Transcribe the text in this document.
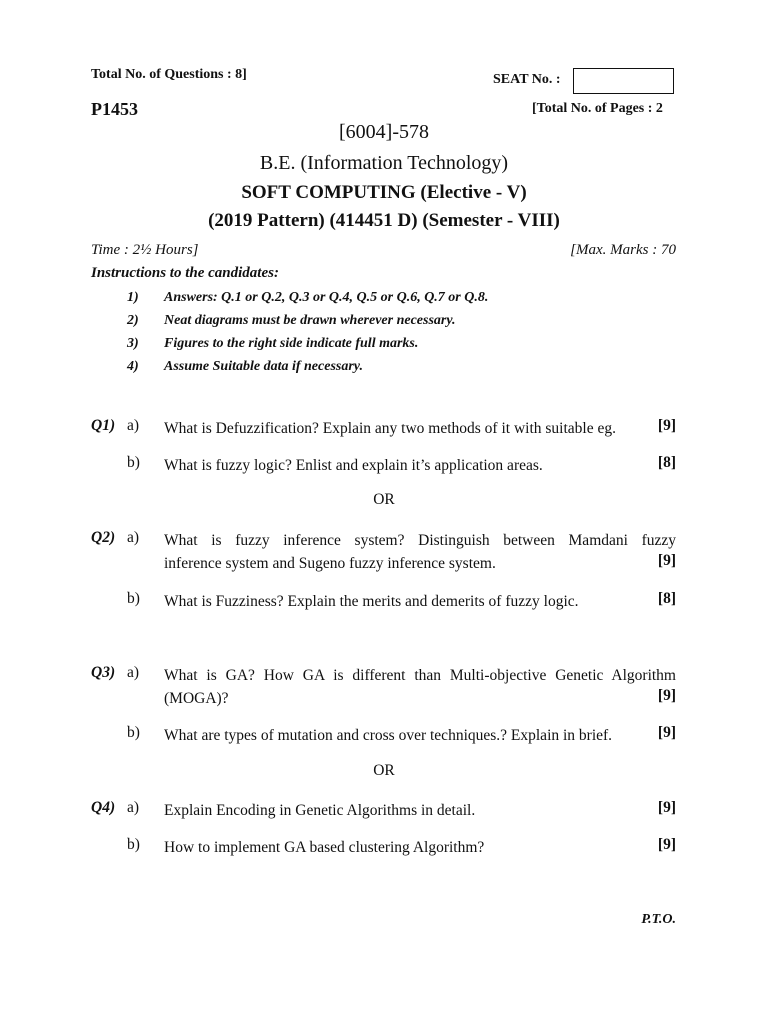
Total No. of Questions : 8]	SEAT No. :
P1453	[Total No. of Pages : 2
[6004]-578
B.E. (Information Technology)
SOFT COMPUTING (Elective - V)
(2019 Pattern) (414451 D) (Semester - VIII)
Time : 2½ Hours]	[Max. Marks : 70
Instructions to the candidates:
1) Answers: Q.1 or Q.2, Q.3 or Q.4, Q.5 or Q.6, Q.7 or Q.8.
2) Neat diagrams must be drawn wherever necessary.
3) Figures to the right side indicate full marks.
4) Assume Suitable data if necessary.
Q1) a) What is Defuzzification? Explain any two methods of it with suitable eg.	[9]
b) What is fuzzy logic? Enlist and explain it’s application areas.	[8]
OR
Q2) a) What is fuzzy inference system? Distinguish between Mamdani fuzzy
inference system and Sugeno fuzzy inference system.	[9]
b) What is Fuzziness? Explain the merits and demerits of fuzzy logic.	[8]
Q3) a) What is GA? How GA is different than Multi-objective Genetic Algorithm
(MOGA)?	[9]
b) What are types of mutation and cross over techniques.? Explain in brief.	[9]
OR
Q4) a) Explain Encoding in Genetic Algorithms in detail.	[9]
b) How to implement GA based clustering Algorithm?	[9]
P.T.O.
